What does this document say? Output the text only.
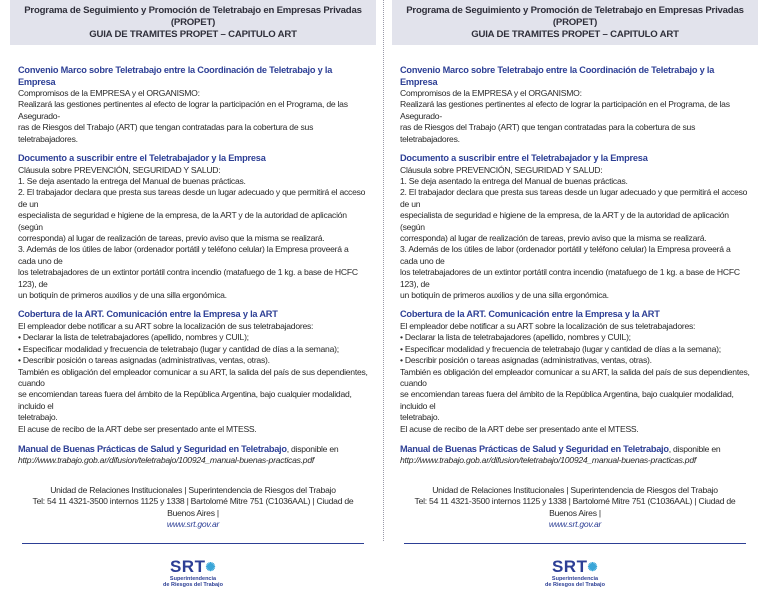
Programa de Seguimiento y Promoción de Teletrabajo en Empresas Privadas (PROPET)
GUIA DE TRAMITES PROPET – CAPITULO ART
Convenio Marco sobre Teletrabajo entre la Coordinación de Teletrabajo y la Empresa
Compromisos de la EMPRESA y el ORGANISMO:
Realizará las gestiones pertinentes al efecto de lograr la participación en el Programa, de las Asegurado-
ras de Riesgos del Trabajo (ART) que tengan contratadas para la cobertura de sus teletrabajadores.
Documento a suscribir entre el Teletrabajador y la Empresa
Cláusula sobre PREVENCIÓN, SEGURIDAD Y SALUD:
1. Se deja asentado la entrega del Manual de buenas prácticas.
2. El trabajador declara que presta sus tareas desde un lugar adecuado y que permitirá el acceso de un
especialista de seguridad e higiene de la empresa, de la ART y de la autoridad de aplicación (según
corresponda) al lugar de realización de tareas, previo aviso que la misma se realizará.
3. Además de los útiles de labor (ordenador portátil y teléfono celular) la Empresa proveerá a cada uno de
los teletrabajadores de un extintor portátil contra incendio (matafuego de 1 kg. a base de HCFC 123), de
un botiquín de primeros auxilios y de una silla ergonómica.
Cobertura de la ART. Comunicación entre la Empresa y la ART
El empleador debe notificar a su ART sobre la localización de sus teletrabajadores:
• Declarar la lista de teletrabajadores (apellido, nombres y CUIL);
• Especificar modalidad y frecuencia de teletrabajo (lugar y cantidad de días a la semana);
• Describir posición o tareas asignadas (administrativas, ventas, otras).
También es obligación del empleador comunicar a su ART, la salida del país de sus dependientes, cuando
se encomiendan tareas fuera del ámbito de la República Argentina, bajo cualquier modalidad, incluido el
teletrabajo.
El acuse de recibo de la ART debe ser presentado ante el MTESS.
Manual de Buenas Prácticas de Salud y Seguridad en Teletrabajo, disponible en
http://www.trabajo.gob.ar/difusion/teletrabajo/100924_manual-buenas-practicas.pdf
Unidad de Relaciones Institucionales | Superintendencia de Riesgos del Trabajo
Tel: 54 11 4321-3500 internos 1125 y 1338 | Bartolomé Mitre 751 (C1036AAL) | Ciudad de Buenos Aires |
www.srt.gov.ar
SRT✺
Superintendencia
de Riesgos del Trabajo
Programa de Seguimiento y Promoción de Teletrabajo en Empresas Privadas (PROPET)
GUIA DE TRAMITES PROPET – CAPITULO ART
Convenio Marco sobre Teletrabajo entre la Coordinación de Teletrabajo y la Empresa
Compromisos de la EMPRESA y el ORGANISMO:
Realizará las gestiones pertinentes al efecto de lograr la participación en el Programa, de las Asegurado-
ras de Riesgos del Trabajo (ART) que tengan contratadas para la cobertura de sus teletrabajadores.
Documento a suscribir entre el Teletrabajador y la Empresa
Cláusula sobre PREVENCIÓN, SEGURIDAD Y SALUD:
1. Se deja asentado la entrega del Manual de buenas prácticas.
2. El trabajador declara que presta sus tareas desde un lugar adecuado y que permitirá el acceso de un
especialista de seguridad e higiene de la empresa, de la ART y de la autoridad de aplicación (según
corresponda) al lugar de realización de tareas, previo aviso que la misma se realizará.
3. Además de los útiles de labor (ordenador portátil y teléfono celular) la Empresa proveerá a cada uno de
los teletrabajadores de un extintor portátil contra incendio (matafuego de 1 kg. a base de HCFC 123), de
un botiquín de primeros auxilios y de una silla ergonómica.
Cobertura de la ART. Comunicación entre la Empresa y la ART
El empleador debe notificar a su ART sobre la localización de sus teletrabajadores:
• Declarar la lista de teletrabajadores (apellido, nombres y CUIL);
• Especificar modalidad y frecuencia de teletrabajo (lugar y cantidad de días a la semana);
• Describir posición o tareas asignadas (administrativas, ventas, otras).
También es obligación del empleador comunicar a su ART, la salida del país de sus dependientes, cuando
se encomiendan tareas fuera del ámbito de la República Argentina, bajo cualquier modalidad, incluido el
teletrabajo.
El acuse de recibo de la ART debe ser presentado ante el MTESS.
Manual de Buenas Prácticas de Salud y Seguridad en Teletrabajo, disponible en
http://www.trabajo.gob.ar/difusion/teletrabajo/100924_manual-buenas-practicas.pdf
Unidad de Relaciones Institucionales | Superintendencia de Riesgos del Trabajo
Tel: 54 11 4321-3500 internos 1125 y 1338 | Bartolomé Mitre 751 (C1036AAL) | Ciudad de Buenos Aires |
www.srt.gov.ar
SRT✺
Superintendencia
de Riesgos del Trabajo
